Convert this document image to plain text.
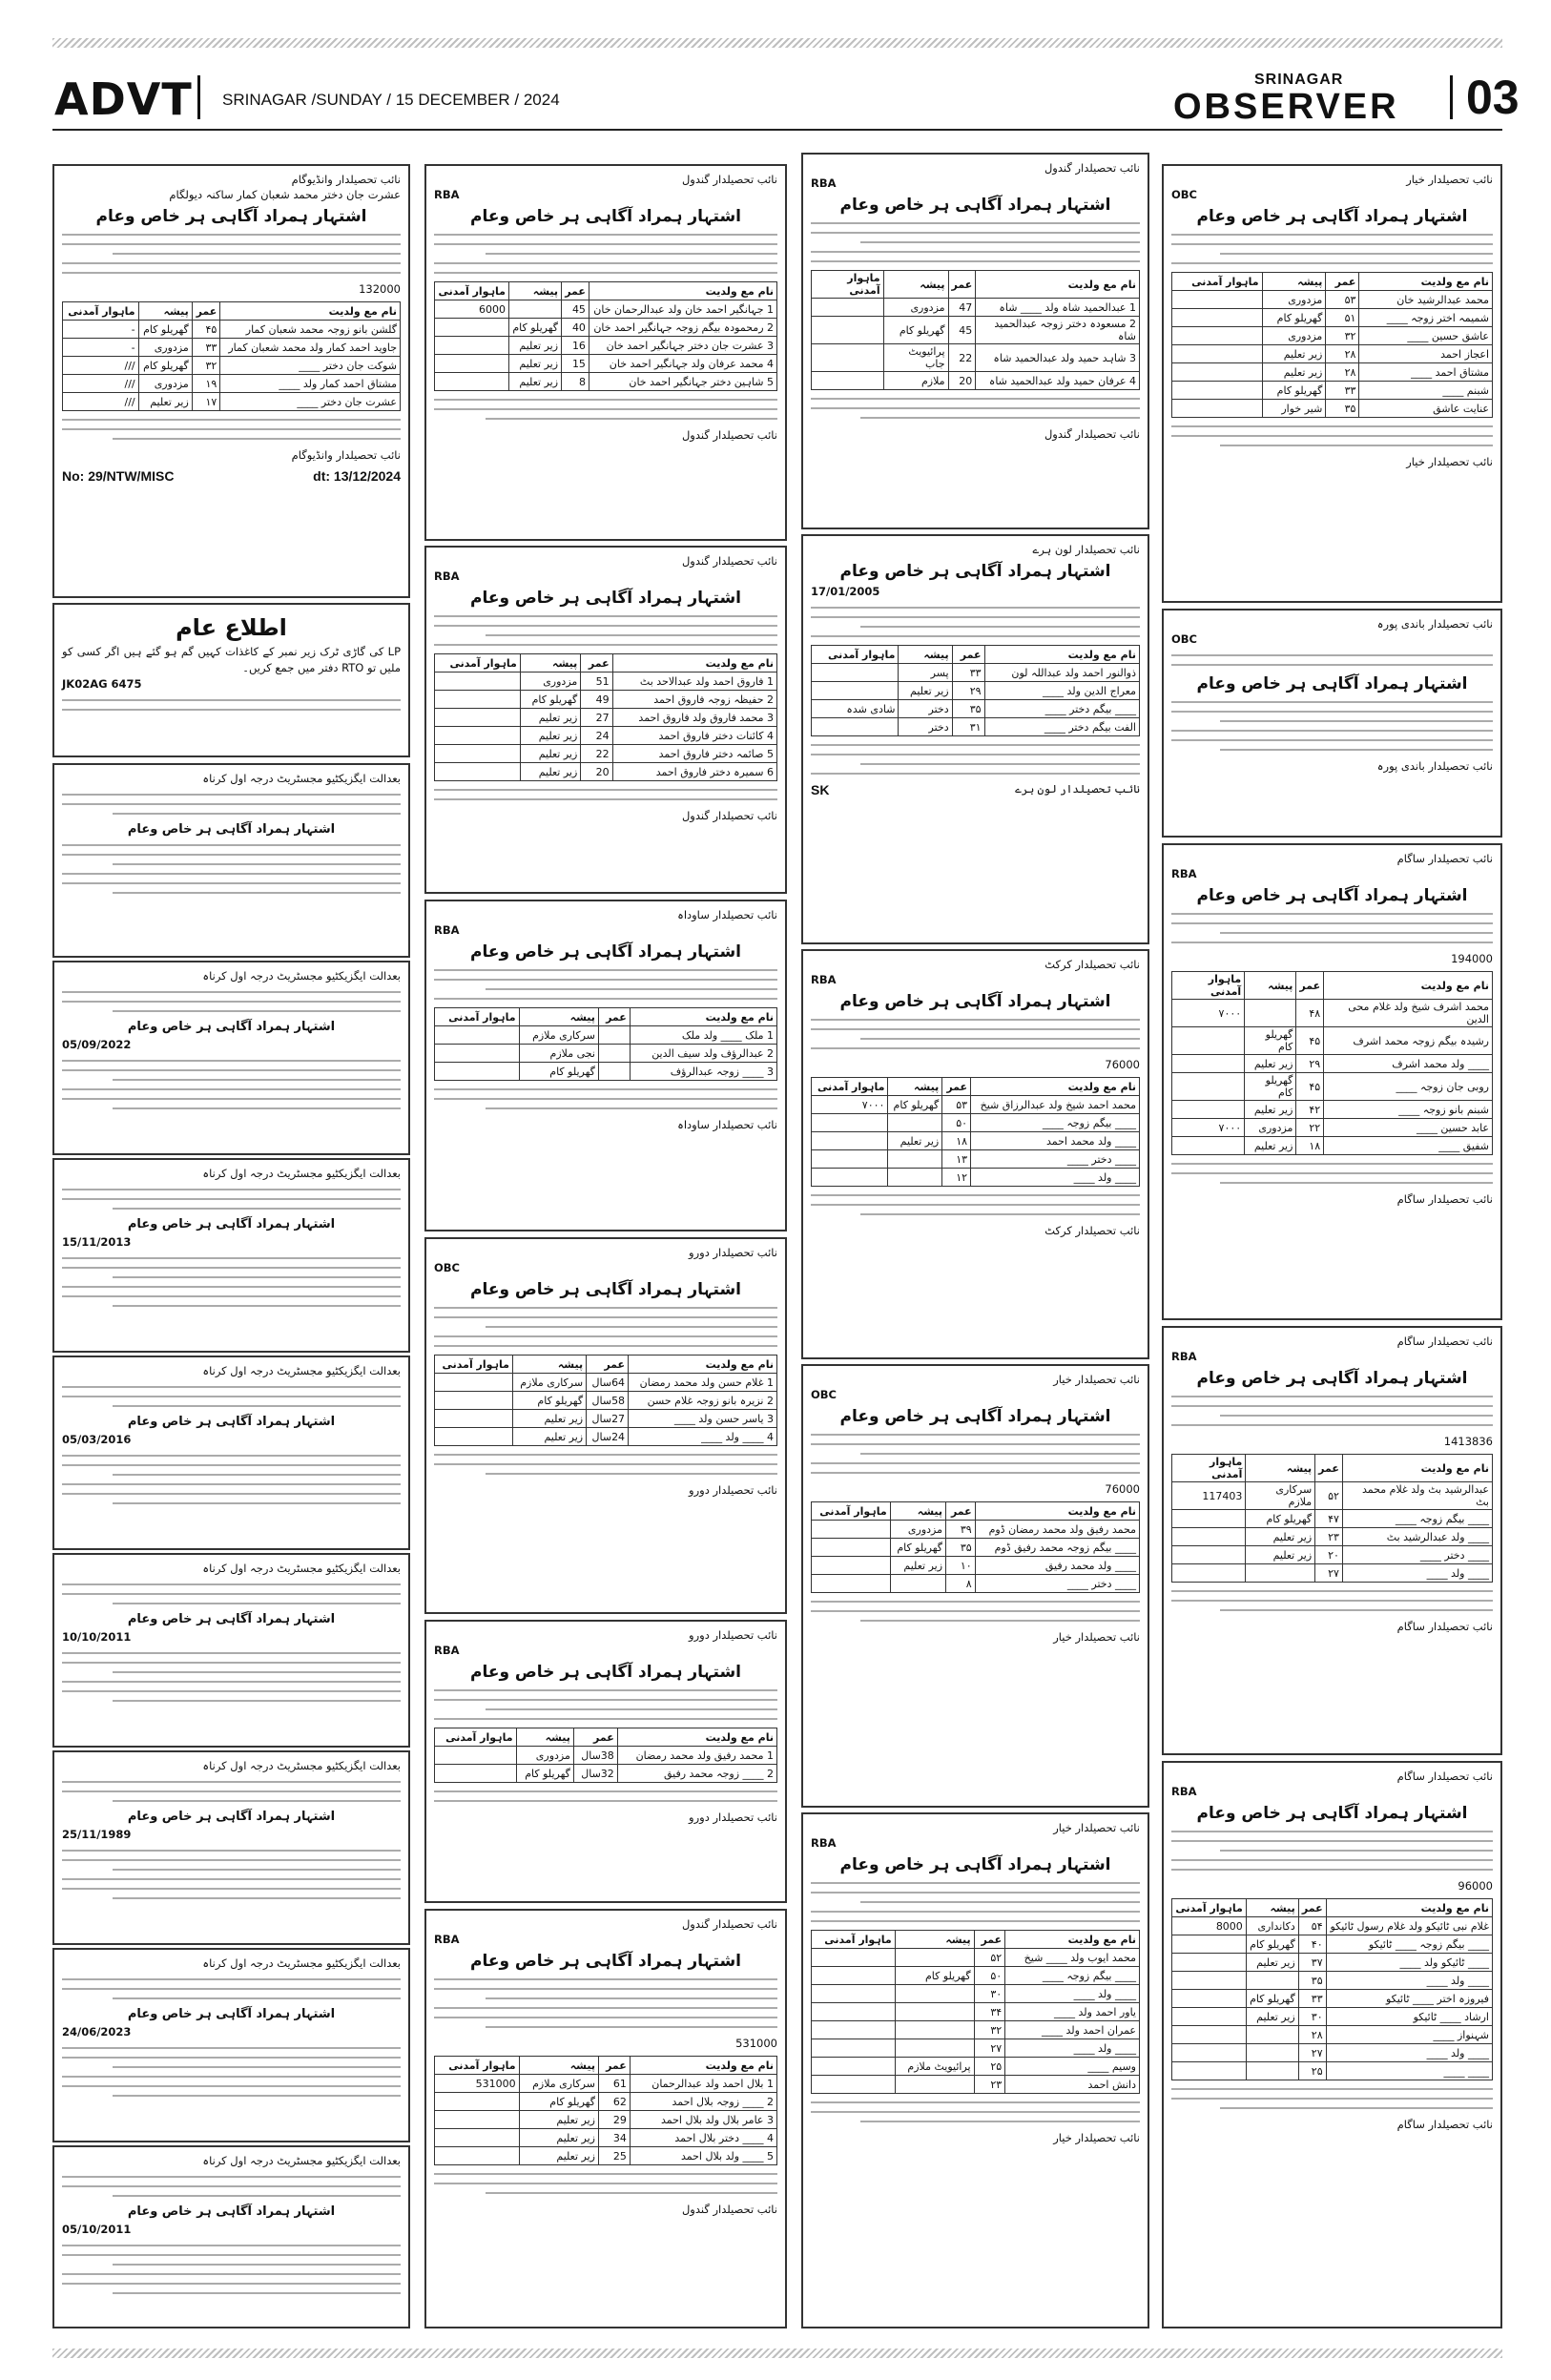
ADVT SRINAGAR /SUNDAY / 15 DECEMBER / 2024
SRINAGAR
OBSERVER 03
نائب تحصیلدار وانڈیوگام
عشرت جان دختر محمد شعبان کمار ساکنہ دیولگام
اشتہار ہمراد آگاہی ہر خاص وعام
132000
نام مع ولدیت	عمر	پیشہ	ماہوار آمدنی
گلشن بانو زوجہ محمد شعبان کمار	۴۵	گھریلو کام	-
جاوید احمد کمار ولد محمد شعبان کمار	۳۳	مزدوری	-
شوکت جان دختر ____	۳۲	گھریلو کام	///
مشتاق احمد کمار ولد ____	۱۹	مزدوری	///
عشرت جان دختر ____	۱۷	زیر تعلیم	///
نائب تحصیلدار وانڈیوگام
No: 29/NTW/MISC	dt: 13/12/2024
اطلاع عام
LP کی گاڑی ٹرک زیر نمبر کے کاغذات کہیں گم ہو گئے ہیں اگر کسی کو ملیں تو RTO دفتر میں جمع کریں۔
JK02AG 6475
بعدالت ایگزیکٹیو مجسٹریٹ درجہ اول کرناہ
اشتہار ہمراد آگاہی ہر خاص وعام
بعدالت ایگزیکٹیو مجسٹریٹ درجہ اول کرناہ
اشتہار ہمراد آگاہی ہر خاص وعام
05/09/2022
بعدالت ایگزیکٹیو مجسٹریٹ درجہ اول کرناہ
اشتہار ہمراد آگاہی ہر خاص وعام
15/11/2013
بعدالت ایگزیکٹیو مجسٹریٹ درجہ اول کرناہ
اشتہار ہمراد آگاہی ہر خاص وعام
05/03/2016
بعدالت ایگزیکٹیو مجسٹریٹ درجہ اول کرناہ
اشتہار ہمراد آگاہی ہر خاص وعام
10/10/2011
بعدالت ایگزیکٹیو مجسٹریٹ درجہ اول کرناہ
اشتہار ہمراد آگاہی ہر خاص وعام
25/11/1989
بعدالت ایگزیکٹیو مجسٹریٹ درجہ اول کرناہ
اشتہار ہمراد آگاہی ہر خاص وعام
24/06/2023
بعدالت ایگزیکٹیو مجسٹریٹ درجہ اول کرناہ
اشتہار ہمراد آگاہی ہر خاص وعام
05/10/2011
نائب تحصیلدار گندول
RBA
اشتہار ہمراد آگاہی ہر خاص وعام
نام مع ولدیت	عمر	پیشہ	ماہوار آمدنی
1 جہانگیر احمد خان ولد عبدالرحمان خان	45		6000
2 رمحمودہ بیگم زوجہ جہانگیر احمد خان	40	گھریلو کام	
3 عشرت جان دختر جہانگیر احمد خان	16	زیر تعلیم	
4 محمد عرفان ولد جہانگیر احمد خان	15	زیر تعلیم	
5 شاہین دختر جہانگیر احمد خان	8	زیر تعلیم	
نائب تحصیلدار گندول
نائب تحصیلدار گندول
RBA
اشتہار ہمراد آگاہی ہر خاص وعام
نام مع ولدیت	عمر	پیشہ	ماہوار آمدنی
1 فاروق احمد ولد عبدالاحد بٹ	51	مزدوری	
2 حفیظہ زوجہ فاروق احمد	49	گھریلو کام	
3 محمد فاروق ولد فاروق احمد	27	زیر تعلیم	
4 کائنات دختر فاروق احمد	24	زیر تعلیم	
5 صائمہ دختر فاروق احمد	22	زیر تعلیم	
6 سمیرہ دختر فاروق احمد	20	زیر تعلیم	
نائب تحصیلدار گندول
نائب تحصیلدار ساوداہ
RBA
اشتہار ہمراد آگاہی ہر خاص وعام
نام مع ولدیت	عمر	پیشہ	ماہوار آمدنی
1 ملک ____ ولد ملک		سرکاری ملازم	
2 عبدالرؤف ولد سیف الدین		نجی ملازم	
3 ____ زوجہ عبدالرؤف		گھریلو کام	
نائب تحصیلدار ساوداہ
نائب تحصیلدار دورو
OBC
اشتہار ہمراد آگاہی ہر خاص وعام
نام مع ولدیت	عمر	پیشہ	ماہوار آمدنی
1 غلام حسن ولد محمد رمضان	64سال	سرکاری ملازم	
2 نزیرہ بانو زوجہ غلام حسن	58سال	گھریلو کام	
3 یاسر حسن ولد ____	27سال	زیر تعلیم	
4 ____ ولد ____	24سال	زیر تعلیم	
نائب تحصیلدار دورو
نائب تحصیلدار دورو
RBA
اشتہار ہمراد آگاہی ہر خاص وعام
نام مع ولدیت	عمر	پیشہ	ماہوار آمدنی
1 محمد رفیق ولد محمد رمضان	38سال	مزدوری	
2 ____ زوجہ محمد رفیق	32سال	گھریلو کام	
نائب تحصیلدار دورو
نائب تحصیلدار گندول
RBA
اشتہار ہمراد آگاہی ہر خاص وعام
531000
نام مع ولدیت	عمر	پیشہ	ماہوار آمدنی
1 بلال احمد ولد عبدالرحمان	61	سرکاری ملازم	531000
2 ____ زوجہ بلال احمد	62	گھریلو کام	
3 عامر بلال ولد بلال احمد	29	زیر تعلیم	
4 ____ دختر بلال احمد	34	زیر تعلیم	
5 ____ ولد بلال احمد	25	زیر تعلیم	
نائب تحصیلدار گندول
نائب تحصیلدار گندول
RBA
اشتہار ہمراد آگاہی ہر خاص وعام
نام مع ولدیت	عمر	پیشہ	ماہوار آمدنی
1 عبدالحمید شاہ ولد ____ شاہ	47	مزدوری	
2 مسعودہ دختر زوجہ عبدالحمید شاہ	45	گھریلو کام	
3 شاہد حمید ولد عبدالحمید شاہ	22	پرائیویٹ جاب	
4 عرفان حمید ولد عبدالحمید شاہ	20	ملازم	
نائب تحصیلدار گندول
نائب تحصیلدار لون ہرے
اشتہار ہمراد آگاہی ہر خاص وعام
17/01/2005
نام مع ولدیت	عمر	پیشہ	ماہوار آمدنی
ذوالنور احمد ولد عبداللہ لون	۳۳	پسر	
معراج الدین ولد ____	۲۹	زیر تعلیم	
____ بیگم دختر ____	۳۵	دختر	شادی شدہ
الفت بیگم دختر ____	۳۱	دختر	
SK	نائب تحصیلدار لون ہرے
نائب تحصیلدار کرکٹ
RBA
اشتہار ہمراد آگاہی ہر خاص وعام
76000
نام مع ولدیت	عمر	پیشہ	ماہوار آمدنی
محمد احمد شیخ ولد عبدالرزاق شیخ	۵۳	گھریلو کام	۷۰۰۰
____ بیگم زوجہ ____	۵۰		
____ ولد محمد احمد	۱۸	زیر تعلیم	
____ دختر ____	۱۳		
____ ولد ____	۱۲		
نائب تحصیلدار کرکٹ
نائب تحصیلدار خیار
OBC
اشتہار ہمراد آگاہی ہر خاص وعام
76000
نام مع ولدیت	عمر	پیشہ	ماہوار آمدنی
محمد رفیق ولد محمد رمضان ڈوم	۳۹	مزدوری	
____ بیگم زوجہ محمد رفیق ڈوم	۳۵	گھریلو کام	
____ ولد محمد رفیق	۱۰	زیر تعلیم	
____ دختر ____	۸		
نائب تحصیلدار خیار
نائب تحصیلدار خیار
RBA
اشتہار ہمراد آگاہی ہر خاص وعام
نام مع ولدیت	عمر	پیشہ	ماہوار آمدنی
محمد ایوب ولد ____ شیخ	۵۲		
____ بیگم زوجہ ____	۵۰	گھریلو کام	
____ ولد ____	۳۰		
یاور احمد ولد ____	۳۴		
عمران احمد ولد ____	۳۲		
____ ولد ____	۲۷		
وسیم ____	۲۵	پرائیویٹ ملازم	
دانش احمد	۲۳		
نائب تحصیلدار خیار
نائب تحصیلدار خیار
OBC
اشتہار ہمراد آگاہی ہر خاص وعام
نام مع ولدیت	عمر	پیشہ	ماہوار آمدنی
محمد عبدالرشید خان	۵۳	مزدوری	
شمیمہ اختر زوجہ ____	۵۱	گھریلو کام	
عاشق حسین ____	۳۲	مزدوری	
اعجاز احمد	۲۸	زیر تعلیم	
مشتاق احمد ____	۲۸	زیر تعلیم	
شبنم ____	۳۳	گھریلو کام	
عنایت عاشق	۳۵	شیر خوار	
نائب تحصیلدار خیار
نائب تحصیلدار باندی پورہ
OBC
اشتہار ہمراد آگاہی ہر خاص وعام
نائب تحصیلدار باندی پورہ
نائب تحصیلدار ساگام
RBA
اشتہار ہمراد آگاہی ہر خاص وعام
194000
نام مع ولدیت	عمر	پیشہ	ماہوار آمدنی
محمد اشرف شیخ ولد غلام محی الدین	۴۸		۷۰۰۰
رشیدہ بیگم زوجہ محمد اشرف	۴۵	گھریلو کام	
____ ولد محمد اشرف	۲۹	زیر تعلیم	
روبی جان زوجہ ____	۴۵	گھریلو کام	
شبنم بانو زوجہ ____	۴۲	زیر تعلیم	
عابد حسین ____	۲۲	مزدوری	۷۰۰۰
شفیق ____	۱۸	زیر تعلیم	
نائب تحصیلدار ساگام
نائب تحصیلدار ساگام
RBA
اشتہار ہمراد آگاہی ہر خاص وعام
1413836
نام مع ولدیت	عمر	پیشہ	ماہوار آمدنی
عبدالرشید بٹ ولد غلام محمد بٹ	۵۲	سرکاری ملازم	117403
____ بیگم زوجہ ____	۴۷	گھریلو کام	
____ ولد عبدالرشید بٹ	۲۳	زیر تعلیم	
____ دختر ____	۲۰	زیر تعلیم	
____ ولد ____	۲۷		
نائب تحصیلدار ساگام
نائب تحصیلدار ساگام
RBA
اشتہار ہمراد آگاہی ہر خاص وعام
96000
نام مع ولدیت	عمر	پیشہ	ماہوار آمدنی
غلام نبی ٹائیکو ولد غلام رسول ٹائیکو	۵۴	دکانداری	8000
____ بیگم زوجہ ____ ٹائیکو	۴۰	گھریلو کام	
____ ٹائیکو ولد ____	۳۷	زیر تعلیم	
____ ولد ____	۳۵		
فیروزہ اختر ____ ٹائیکو	۳۳	گھریلو کام	
ارشاد ____ ٹائیکو	۳۰	زیر تعلیم	
شہنواز ____	۲۸		
____ ولد ____	۲۷		
____ ____	۲۵		
نائب تحصیلدار ساگام
